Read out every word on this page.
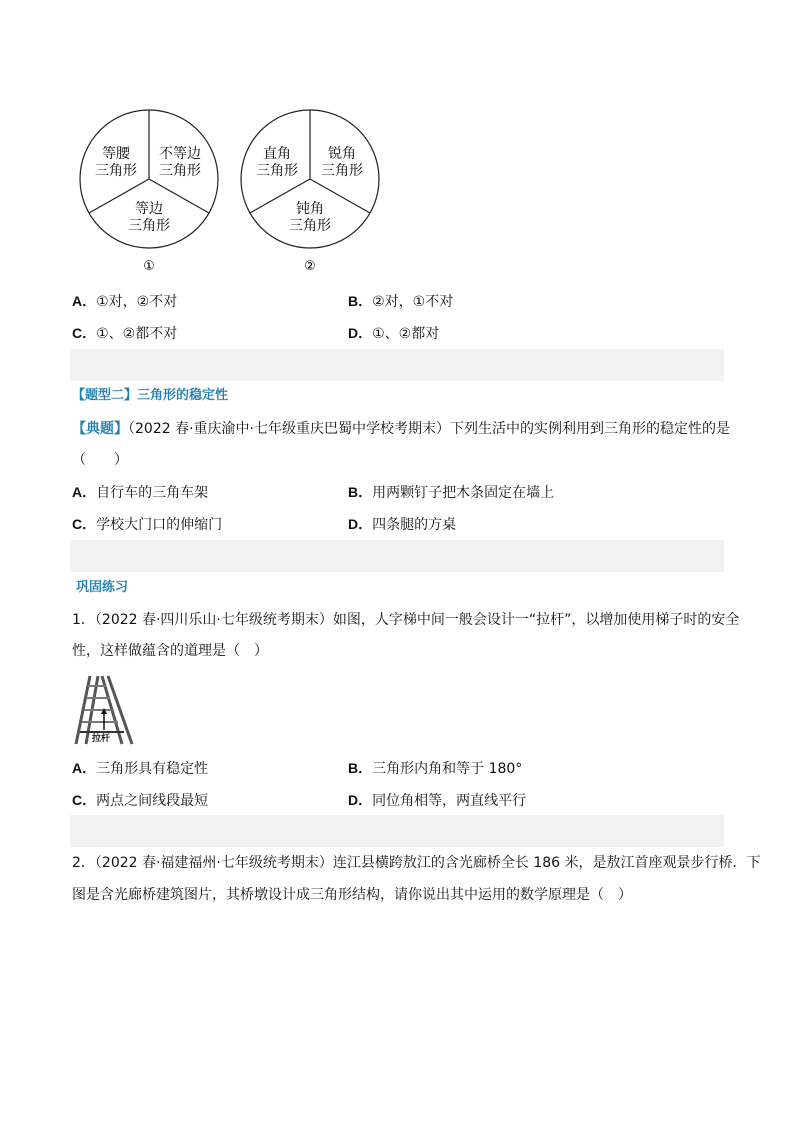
等腰
三角形
不等边
三角形
等边
三角形
①
直角
三角形
锐角
三角形
钝角
三角形
②
A．①对，②不对	B．②对，①不对
C．①、②都不对	D．①、②都对
【题型二】三角形的稳定性
【典题】（2022 春·重庆渝中·七年级重庆巴蜀中学校考期末）下列生活中的实例利用到三角形的稳定性的是
（　　）
A．自行车的三角车架	B．用两颗钉子把木条固定在墙上
C．学校大门口的伸缩门	D．四条腿的方桌
巩固练习
1．（2022 春·四川乐山·七年级统考期末）如图，人字梯中间一般会设计一“拉杆”，以增加使用梯子时的安全
性，这样做蕴含的道理是（　）
拉杆
A．三角形具有稳定性	B．三角形内角和等于 180°
C．两点之间线段最短	D．同位角相等，两直线平行
2．（2022 春·福建福州·七年级统考期末）连江县横跨敖江的含光廊桥全长 186 米，是敖江首座观景步行桥．下
图是含光廊桥建筑图片，其桥墩设计成三角形结构，请你说出其中运用的数学原理是（　）
